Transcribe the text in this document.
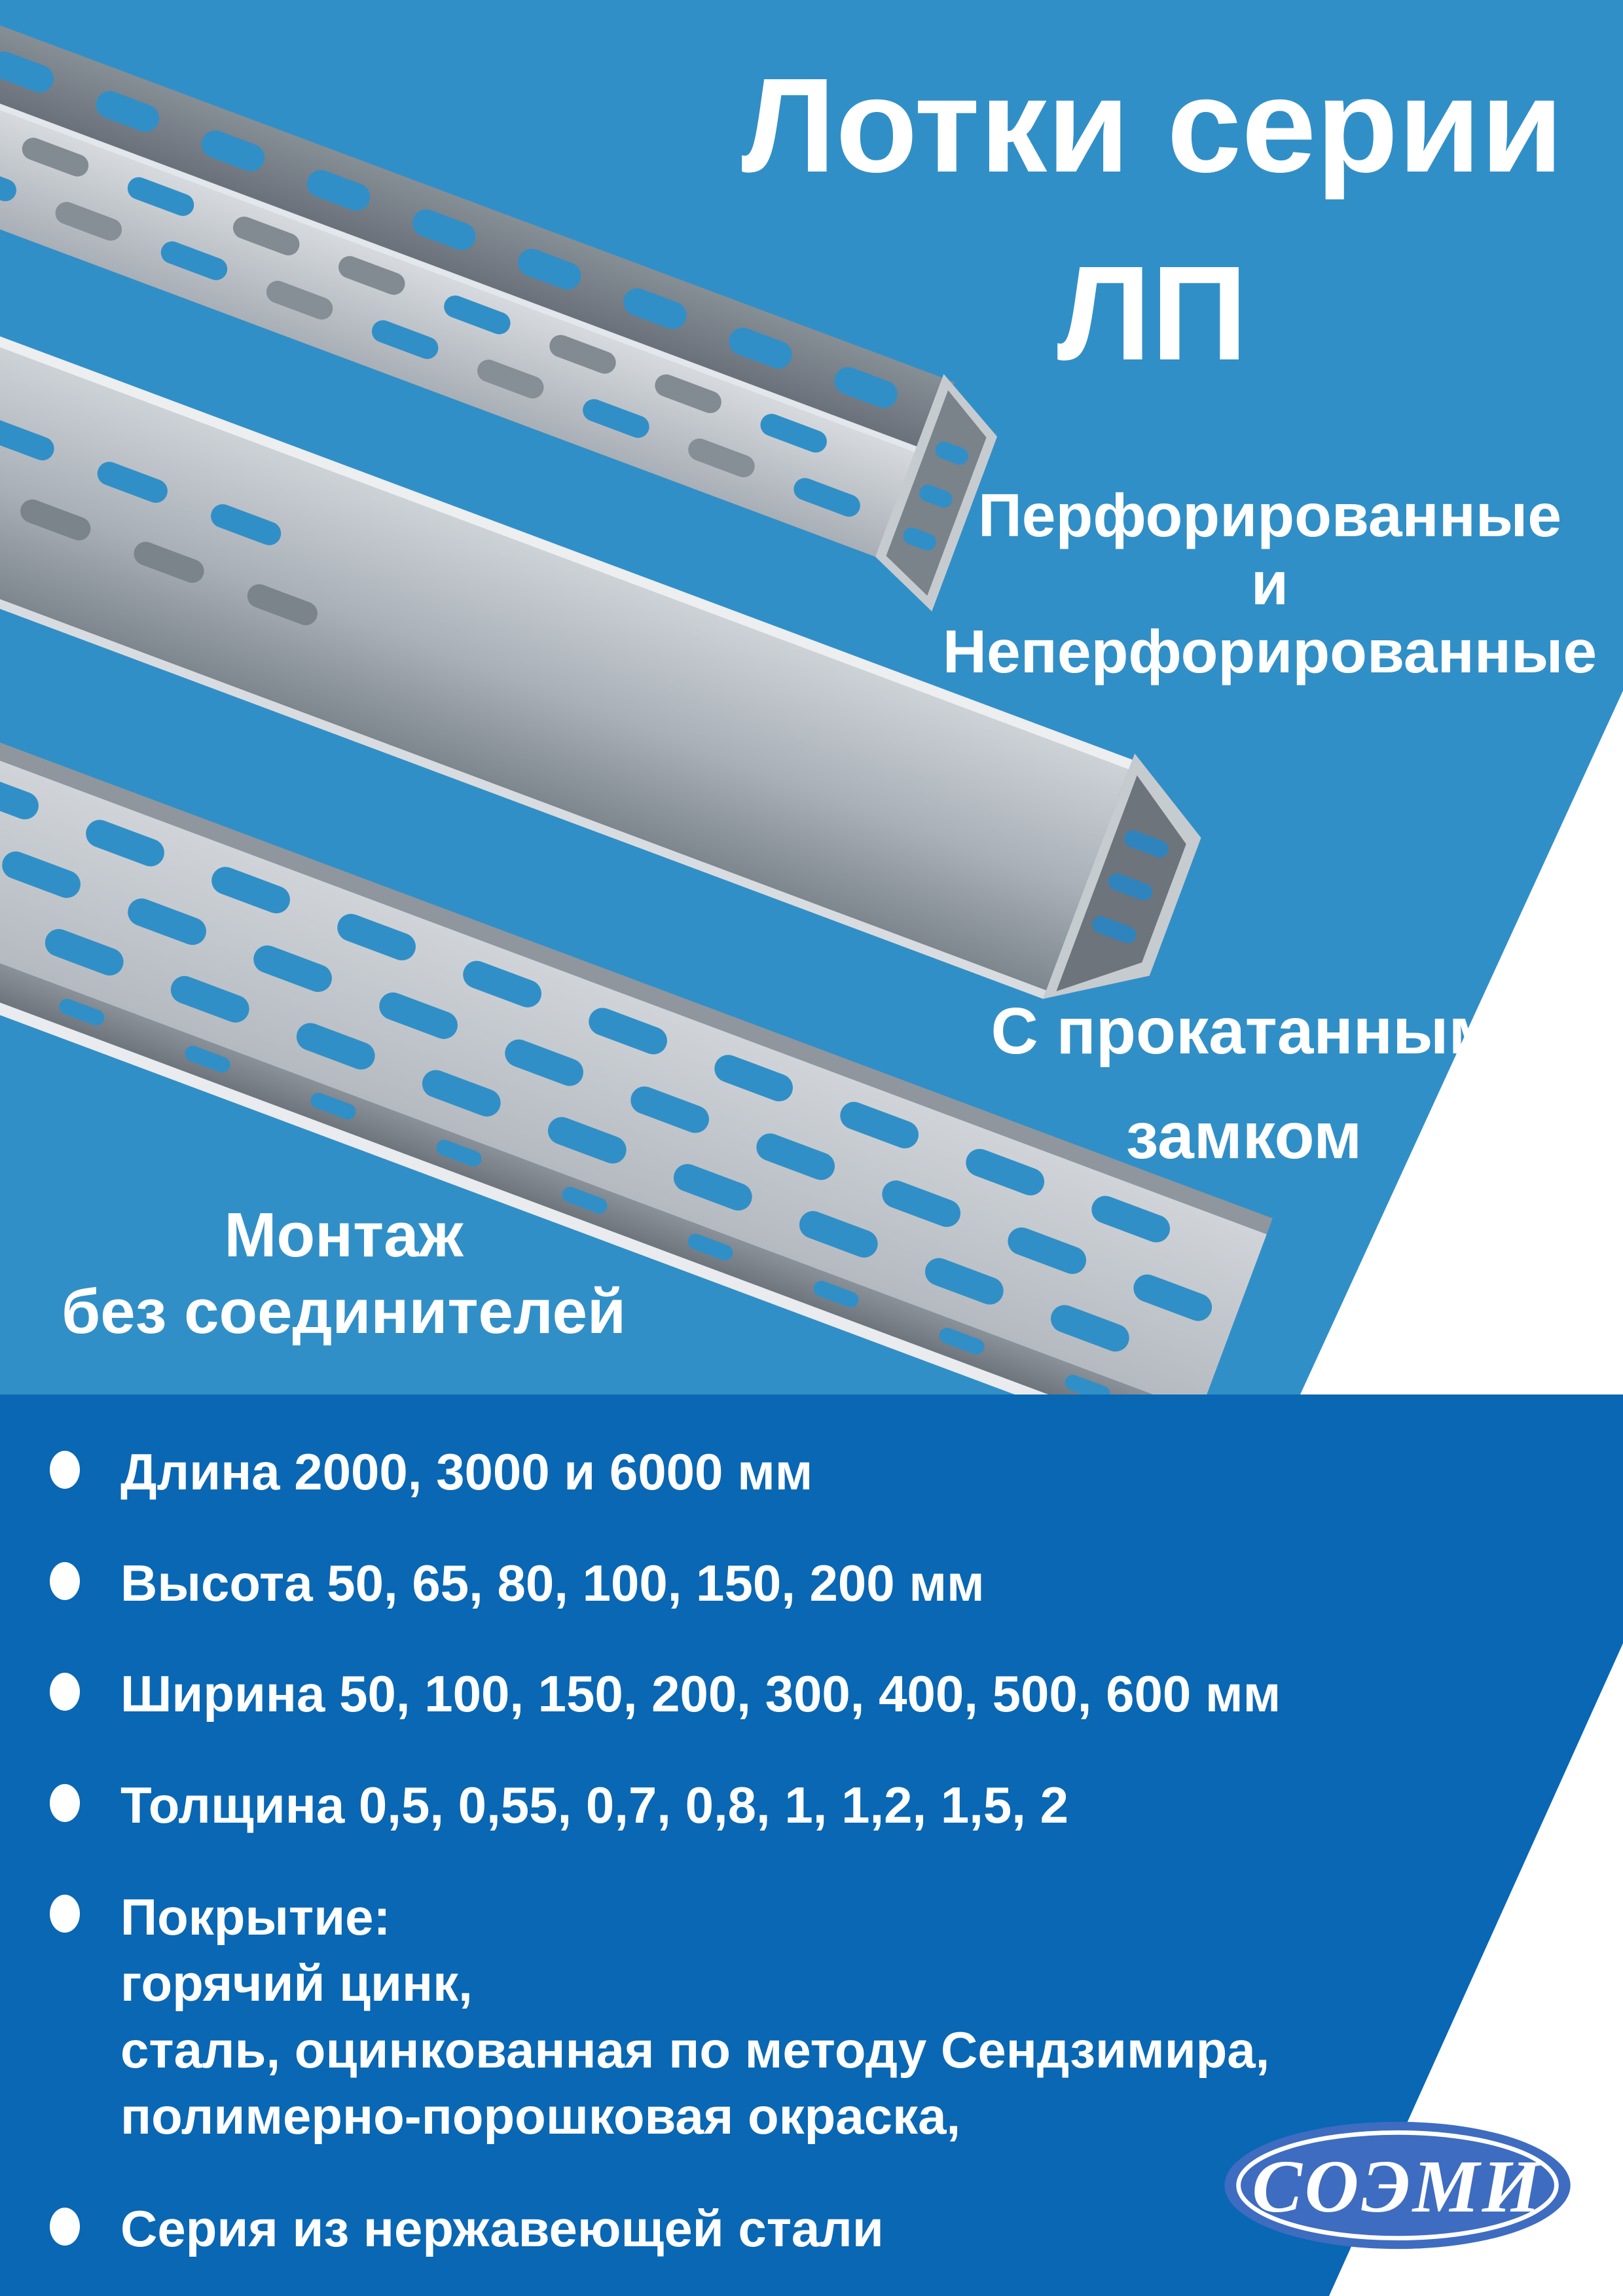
Лотки серии
ЛП
Перфорированные
и
Неперфорированные
С прокатанным
замком
Монтаж
без соединителей
Длина 2000, 3000 и 6000 мм
Высота 50, 65, 80, 100, 150, 200 мм
Ширина 50, 100, 150, 200, 300, 400, 500, 600 мм
Толщина 0,5, 0,55, 0,7, 0,8, 1, 1,2, 1,5, 2
Покрытие:
горячий цинк,
сталь, оцинкованная по методу Сендзимира,
полимерно-порошковая окраска,
Серия из нержавеющей стали
СОЭМИ
